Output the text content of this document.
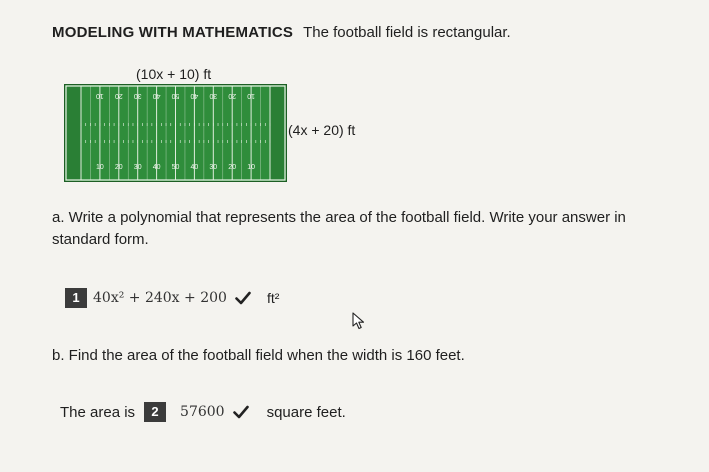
MODELING WITH MATHEMATICS The football field is rectangular.
(10x + 10) ft
10
10
20
20
30
30
40
40
50
50
40
40
30
30
20
20
10
10
(4x + 20) ft
a. Write a polynomial that represents the area of the football field. Write your answer in standard form.
1 40x² + 240x + 200	ft²
b. Find the area of the football field when the width is 160 feet.
The area is	2	57600	square feet.
